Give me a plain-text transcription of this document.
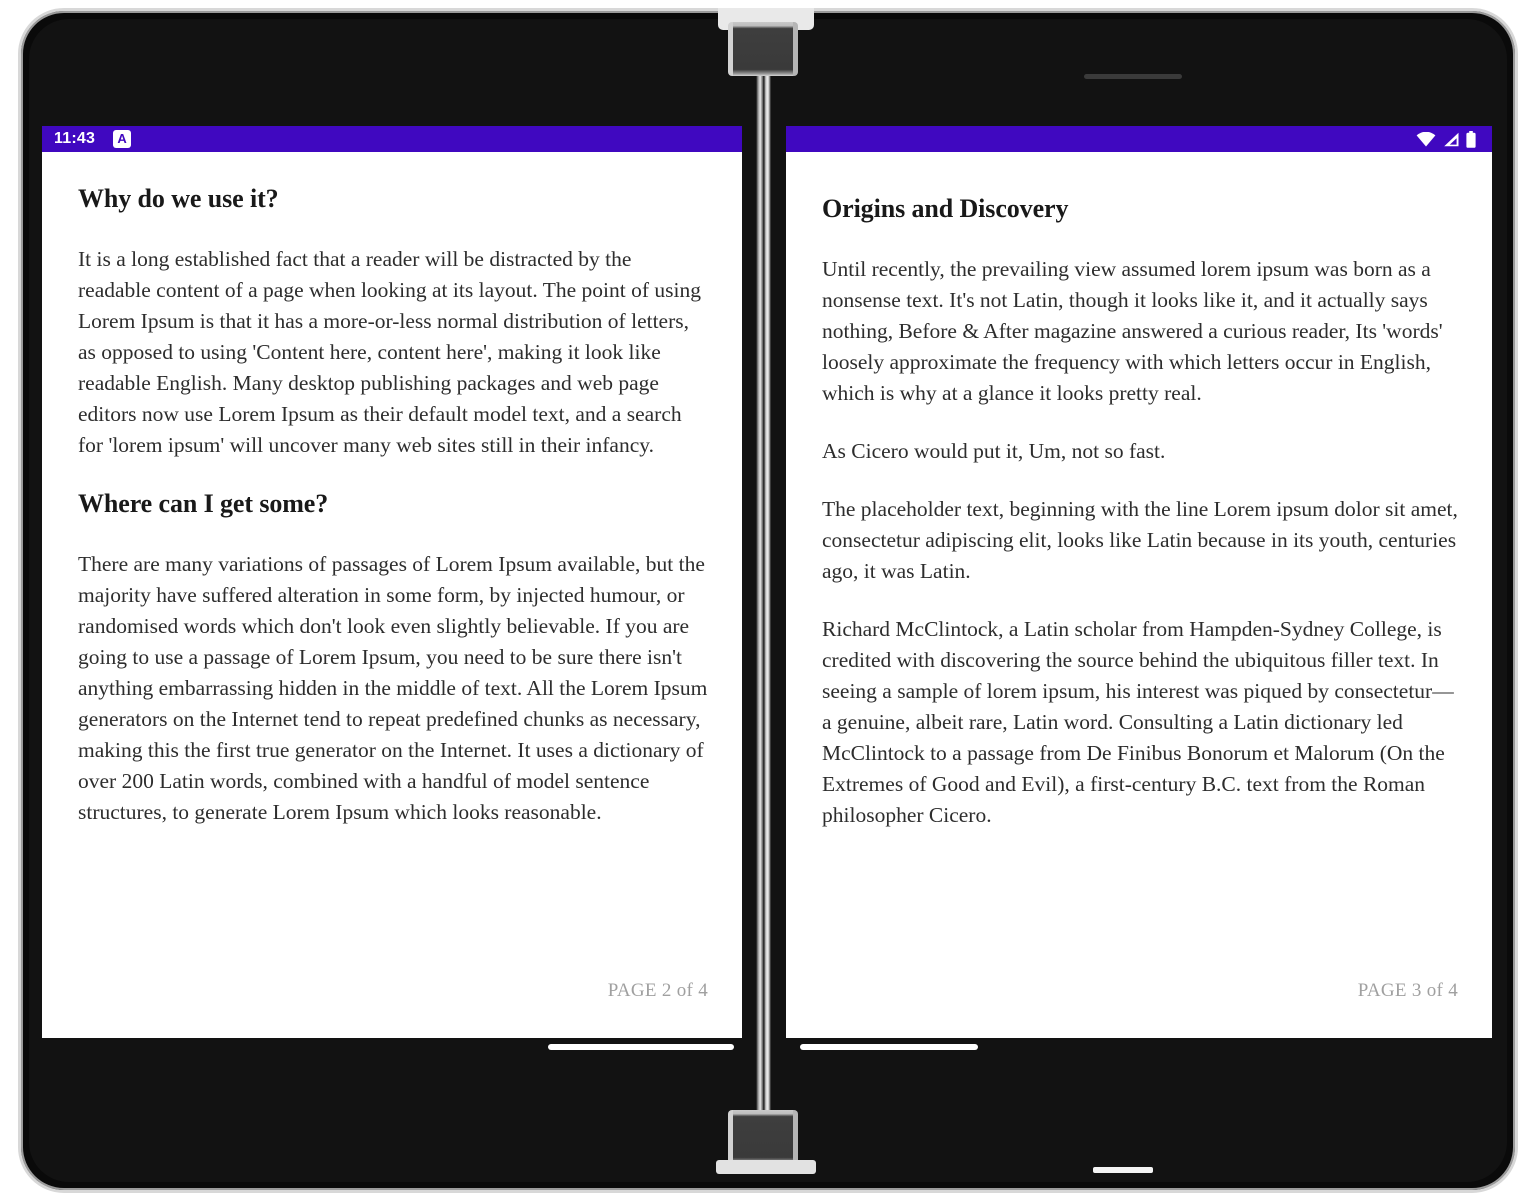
11:43	A
Why do we use it?

It is a long established fact that a reader will be distracted by the readable content of a page when looking at its layout. The point of using Lorem Ipsum is that it has a more-or-less normal distribution of letters, as opposed to using 'Content here, content here', making it look like readable English. Many desktop publishing packages and web page editors now use Lorem Ipsum as their default model text, and a search for 'lorem ipsum' will uncover many web sites still in their infancy.

Where can I get some?

There are many variations of passages of Lorem Ipsum available, but the majority have suffered alteration in some form, by injected humour, or randomised words which don't look even slightly believable. If you are going to use a passage of Lorem Ipsum, you need to be sure there isn't anything embarrassing hidden in the middle of text. All the Lorem Ipsum generators on the Internet tend to repeat predefined chunks as necessary, making this the first true generator on the Internet. It uses a dictionary of over 200 Latin words, combined with a handful of model sentence structures, to generate Lorem Ipsum which looks reasonable.

PAGE 2 of 4
Origins and Discovery

Until recently, the prevailing view assumed lorem ipsum was born as a nonsense text. It's not Latin, though it looks like it, and it actually says nothing, Before & After magazine answered a curious reader, Its 'words' loosely approximate the frequency with which letters occur in English, which is why at a glance it looks pretty real.

As Cicero would put it, Um, not so fast.

The placeholder text, beginning with the line Lorem ipsum dolor sit amet, consectetur adipiscing elit, looks like Latin because in its youth, centuries ago, it was Latin.

Richard McClintock, a Latin scholar from Hampden-Sydney College, is credited with discovering the source behind the ubiquitous filler text. In seeing a sample of lorem ipsum, his interest was piqued by consectetur—a genuine, albeit rare, Latin word. Consulting a Latin dictionary led McClintock to a passage from De Finibus Bonorum et Malorum (On the Extremes of Good and Evil), a first-century B.C. text from the Roman philosopher Cicero.

PAGE 3 of 4
